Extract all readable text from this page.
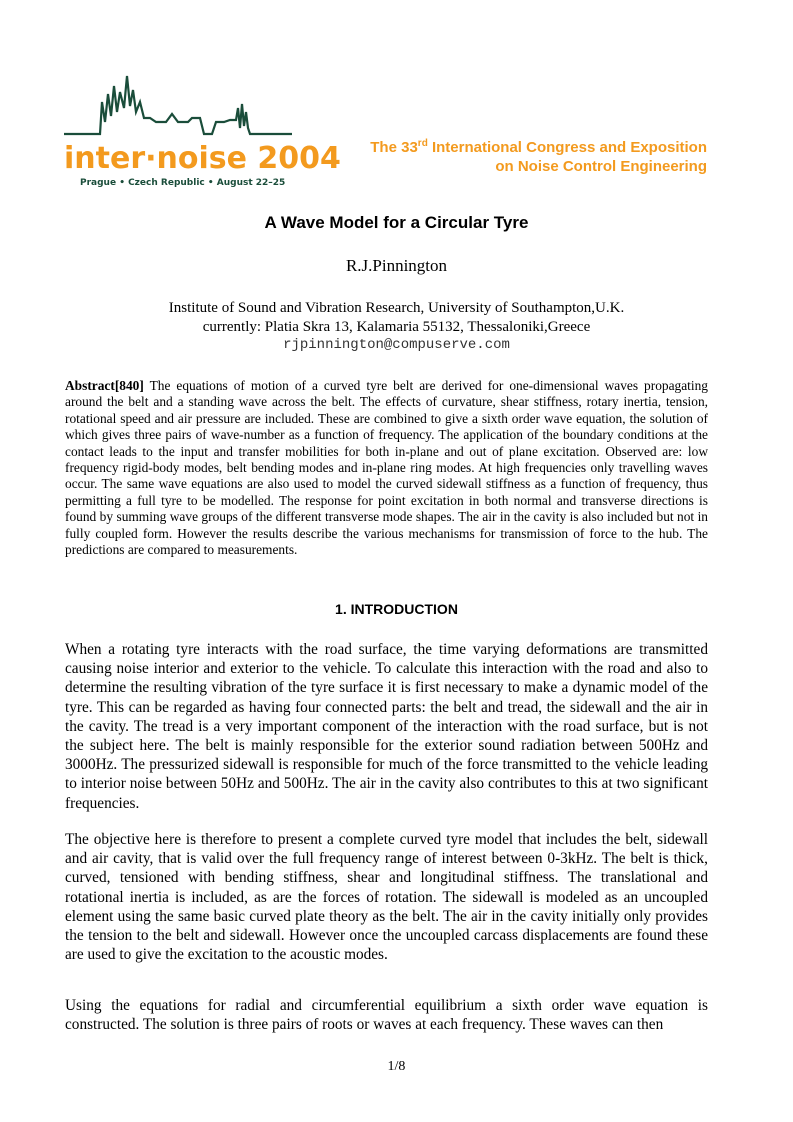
inter·noise 2004
Prague • Czech Republic • August 22–25
The 33rd International Congress and Exposition
on Noise Control Engineering
A Wave Model for a Circular Tyre
R.J.Pinnington
Institute of Sound and Vibration Research, University of Southampton,U.K.
currently: Platia Skra 13, Kalamaria 55132, Thessaloniki,Greece
rjpinnington@compuserve.com

Abstract[840] The equations of motion of a curved tyre belt are derived for one-dimensional waves propagating around the belt and a standing wave across the belt. The effects of curvature, shear stiffness, rotary inertia, tension, rotational speed and air pressure are included. These are combined to give a sixth order wave equation, the solution of which gives three pairs of wave-number as a function of frequency. The application of the boundary conditions at the contact leads to the input and transfer mobilities for both in-plane and out of plane excitation. Observed are: low frequency rigid-body modes, belt bending modes and in-plane ring modes. At high frequencies only travelling waves occur. The same wave equations are also used to model the curved sidewall stiffness as a function of frequency, thus permitting a full tyre to be modelled. The response for point excitation in both normal and transverse directions is found by summing wave groups of the different transverse mode shapes. The air in the cavity is also included but not in fully coupled form. However the results describe the various mechanisms for transmission of force to the hub. The predictions are compared to measurements.

1. INTRODUCTION

When a rotating tyre interacts with the road surface, the time varying deformations are transmitted causing noise interior and exterior to the vehicle. To calculate this interaction with the road and also to determine the resulting vibration of the tyre surface it is first necessary to make a dynamic model of the tyre. This can be regarded as having four connected parts: the belt and tread, the sidewall and the air in the cavity. The tread is a very important component of the interaction with the road surface, but is not the subject here. The belt is mainly responsible for the exterior sound radiation between 500Hz and 3000Hz. The pressurized sidewall is responsible for much of the force transmitted to the vehicle leading to interior noise between 50Hz and 500Hz. The air in the cavity also contributes to this at two significant frequencies.

The objective here is therefore to present a complete curved tyre model that includes the belt, sidewall and air cavity, that is valid over the full frequency range of interest between 0-3kHz. The belt is thick, curved, tensioned with bending stiffness, shear and longitudinal stiffness. The translational and rotational inertia is included, as are the forces of rotation. The sidewall is modeled as an uncoupled element using the same basic curved plate theory as the belt. The air in the cavity initially only provides the tension to the belt and sidewall. However once the uncoupled carcass displacements are found these are used to give the excitation to the acoustic modes.

Using the equations for radial and circumferential equilibrium a sixth order wave equation is constructed. The solution is three pairs of roots or waves at each frequency. These waves can then

1/8
